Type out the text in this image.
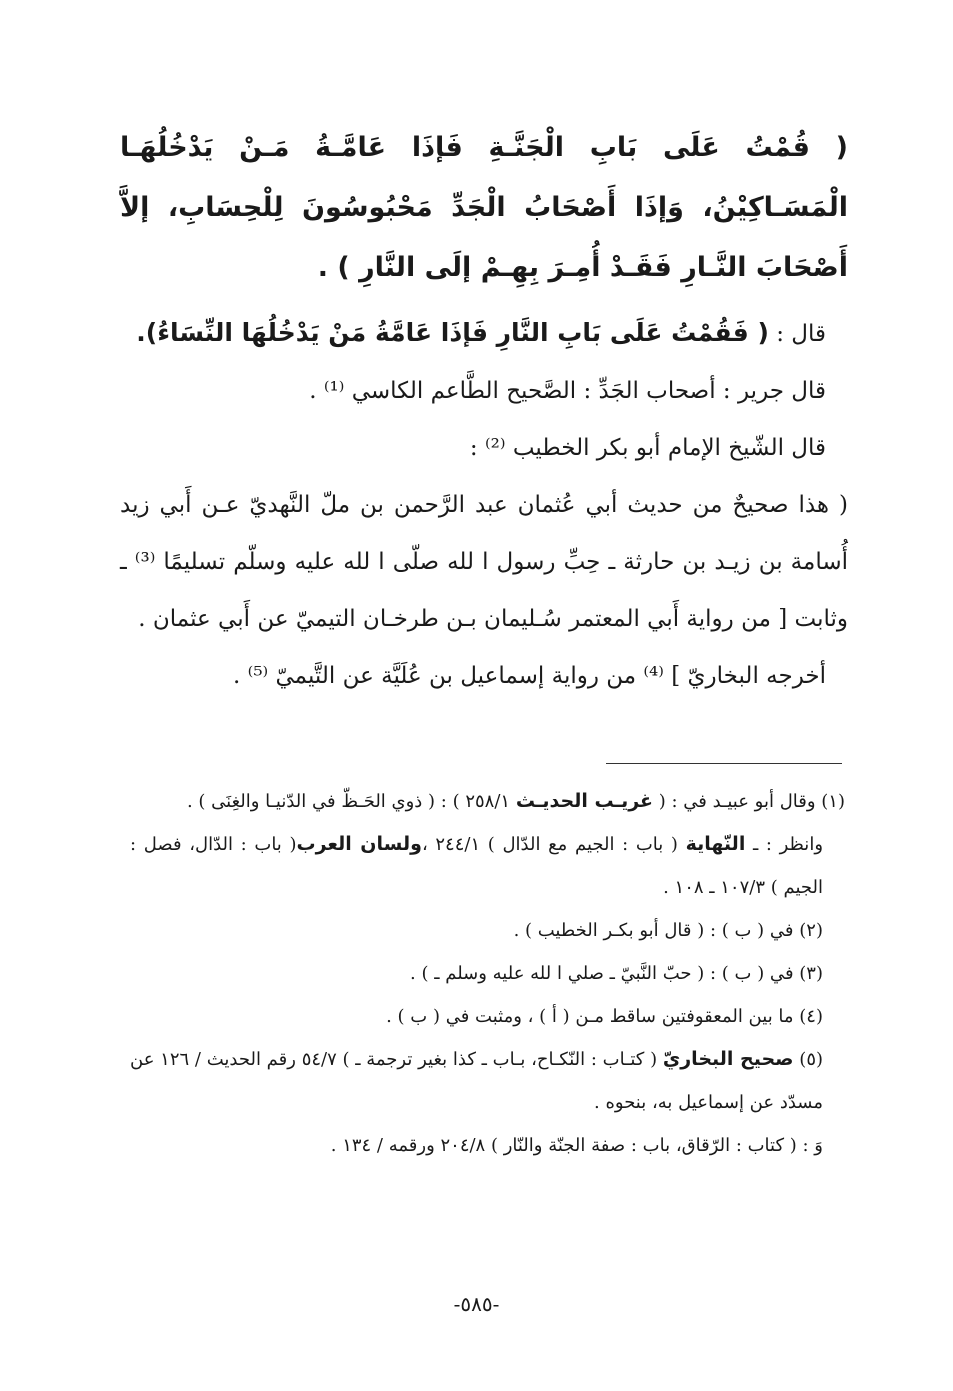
( قُمْتُ عَلَى بَابِ الْجَنَّـةِ فَإذَا عَامَّـةُ مَـنْ يَدْخُلُهَـا الْمَسَـاكِيْنُ، وَإذَا أَصْحَابُ الْجَدِّ مَحْبُوسُونَ لِلْحِسَابِ، إلاَّ أَصْحَابَ النَّـارِ فَقَـدْ أُمِـرَ بِهِـمْ إلَى النَّارِ ) .

قال : ( فَقُمْتُ عَلَى بَابِ النَّارِ فَإذَا عَامَّةُ مَنْ يَدْخُلُهَا النِّسَاءُ).

قال جرير : أصحاب الجَدِّ : الصَّحيح الطَّاعم الكاسي ⁽¹⁾ .

قال الشّيخ الإمام أبو بكر الخطيب ⁽²⁾ :

( هذا صحيحٌ من حديث أبي عُثمان عبد الرَّحمن بن ملّ النَّهديّ عـن أَبي زيد أُسامة بن زيـد بن حارثة ـ حِبِّ رسول ا لله صلّى ا لله عليه وسلّم تسليمًا ⁽³⁾ ـ وثابت [ من رواية أَبي المعتمر سُـليمان بـن طرخـان التيميّ عن أَبي عثمان .

أخرجه البخاريّ ] ⁽⁴⁾ من رواية إسماعيل بن عُلَيَّة عن التَّيميّ ⁽⁵⁾ .

(١) وقال أبو عبيـد في : ( غريـب الحديـث ٢٥٨/١ ) : ( ذوي الحَـظّ في الدّنيـا والغِنَى ) .

وانظر : ـ النّهاية ( باب : الجيم مع الدّال ) ٢٤٤/١ ،ولسان العرب( باب : الدّال، فصل : الجيم ) ١٠٧/٣ ـ ١٠٨ .

(٢) في ( ب ) : ( قال أبو بكـر الخطيب ) .

(٣) في ( ب ) : ( حبّ النَّبيّ ـ صلي ا لله عليه وسلم ـ ) .

(٤) ما بين المعقوفتين ساقط مـن ( أ ) ، ومثبت في ( ب ) .

(٥) صحيح البخاريّ ( كتـاب : النّكـاح، بـاب ـ كذا بغير ترجمة ـ ) ٥٤/٧ رقم الحديث / ١٢٦ عن مسدّد عن إسماعيل به، بنحوه .

وَ : ( كتاب : الرّقاق، باب : صفة الجنّة والنّار ) ٢٠٤/٨ ورقمه / ١٣٤ .

-٥٨٥-
